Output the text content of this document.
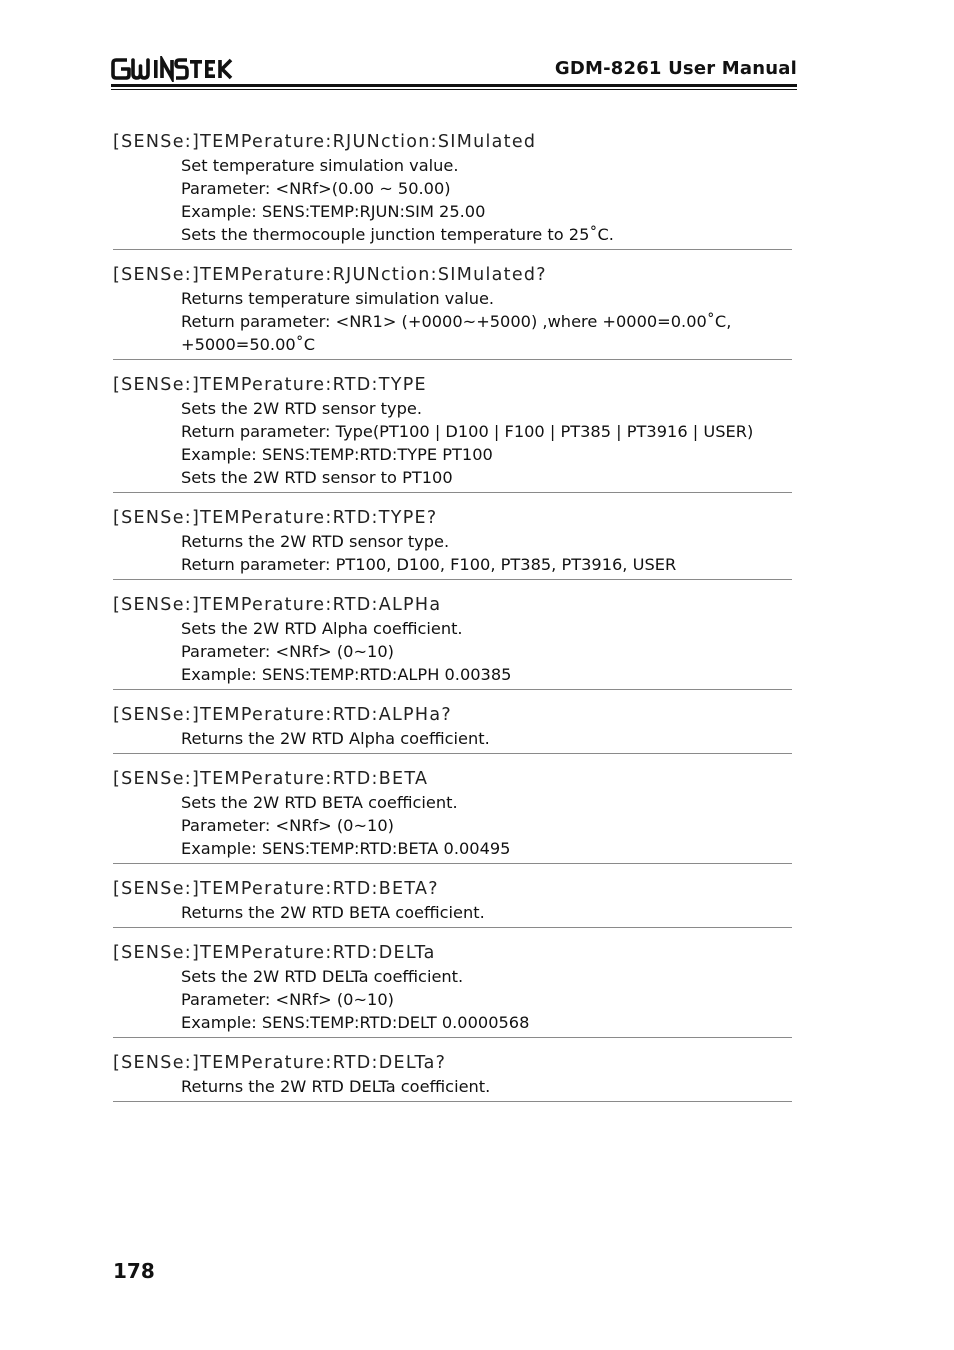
GDM-8261 User Manual

[SENSe:]TEMPerature:RJUNction:SIMulated

Set temperature simulation value.

Parameter: <NRf>(0.00 ~ 50.00)

Example: SENS:TEMP:RJUN:SIM 25.00

Sets the thermocouple junction temperature to 25˚C.

[SENSe:]TEMPerature:RJUNction:SIMulated?

Returns temperature simulation value.

Return parameter: <NR1> (+0000~+5000) ,where +0000=0.00˚C,

+5000=50.00˚C

[SENSe:]TEMPerature:RTD:TYPE

Sets the 2W RTD sensor type.

Return parameter: Type(PT100 | D100 | F100 | PT385 | PT3916 | USER)

Example: SENS:TEMP:RTD:TYPE PT100

Sets the 2W RTD sensor to PT100

[SENSe:]TEMPerature:RTD:TYPE?

Returns the 2W RTD sensor type.

Return parameter: PT100, D100, F100, PT385, PT3916, USER

[SENSe:]TEMPerature:RTD:ALPHa

Sets the 2W RTD Alpha coefficient.

Parameter: <NRf> (0~10)

Example: SENS:TEMP:RTD:ALPH 0.00385

[SENSe:]TEMPerature:RTD:ALPHa?

Returns the 2W RTD Alpha coefficient.

[SENSe:]TEMPerature:RTD:BETA

Sets the 2W RTD BETA coefficient.

Parameter: <NRf> (0~10)

Example: SENS:TEMP:RTD:BETA 0.00495

[SENSe:]TEMPerature:RTD:BETA?

Returns the 2W RTD BETA coefficient.

[SENSe:]TEMPerature:RTD:DELTa

Sets the 2W RTD DELTa coefficient.

Parameter: <NRf> (0~10)

Example: SENS:TEMP:RTD:DELT 0.0000568

[SENSe:]TEMPerature:RTD:DELTa?

Returns the 2W RTD DELTa coefficient.

178
